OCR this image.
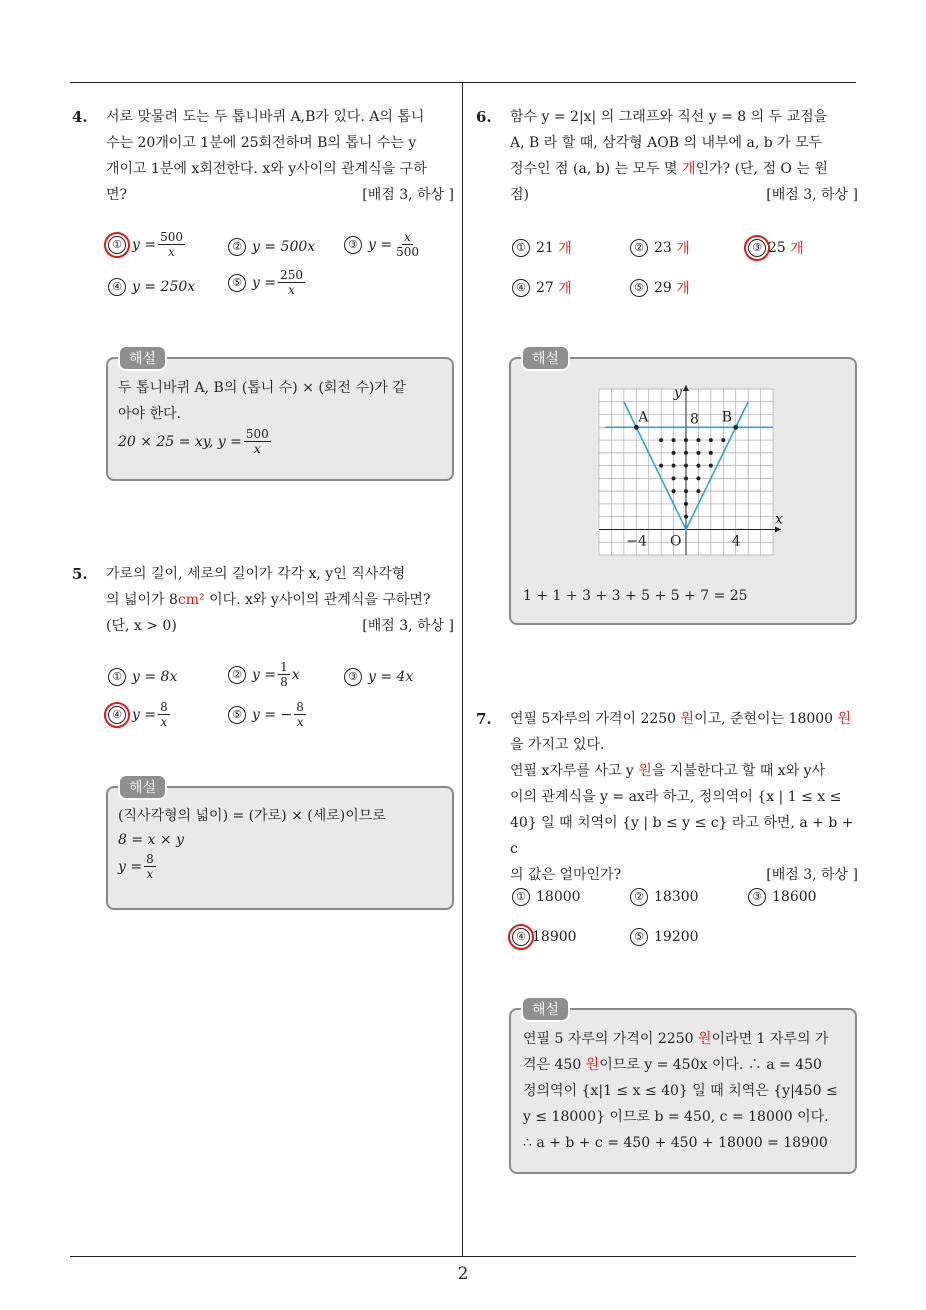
2
4. 서로 맞물려 도는 두 톱니바퀴 A,B가 있다. A의 톱니
수는 20개이고 1분에 25회전하며 B의 톱니 수는 y
개이고 1분에 x회전한다. x와 y사이의 관계식을 구하
면?	[배점 3, 하상 ]
① $y = \frac{500}{x}$	② y = 500x	③ $y = \frac{x}{500}$
④ y = 250x	⑤ $y = \frac{250}{x}$
해설
두 톱니바퀴 A, B의 (톱니 수) × (회전 수)가 같
아야 한다.
20 × 25 = xy, $y = \frac{500}{x}$
5. 가로의 길이, 세로의 길이가 각각 x, y인 직사각형
의 넓이가 8cm² 이다. x와 y사이의 관계식을 구하면?
(단, x > 0)	[배점 3, 하상 ]
① y = 8x	② $y = \frac{1}{8}$ x	③ y = 4x
④ $y = \frac{8}{x}$	⑤ y = − $\frac{8}{x}$
해설
(직사각형의 넓이) = (가로) × (세로)이므로
8 = x × y
$y = \frac{8}{x}$
6. 함수 y = 2|x| 의 그래프와 직선 y = 8 의 두 교점을
A, B 라 할 때, 삼각형 AOB 의 내부에 a, b 가 모두
정수인 점 (a, b) 는 모두 몇 개인가? (단, 점 O 는 원
점)	[배점 3, 하상 ]
① 21
개	② 23
개	③ 25
개
④ 27
개	⑤ 29
개
해설
y
x
8
A	B
O
−4	4
1 + 1 + 3 + 3 + 5 + 5 + 7 = 25
7. 연필 5자루의 가격이 2250 원이고, 준현이는 18000 원
을 가지고 있다.
연필 x자루를 사고 y 원을 지불한다고 할 때 x와 y사
이의 관계식을 y = ax라 하고, 정의역이 {x | 1 ≤ x ≤
40} 일 때 치역이 {y | b ≤ y ≤ c} 라고 하면, a + b + c
의 값은 얼마인가?	[배점 3, 하상 ]
① 18000	② 18300	③ 18600
④ 18900	⑤ 19200
해설
연필 5 자루의 가격이 2250 원이라면 1 자루의 가
격은 450 원이므로 y = 450x 이다. ∴ a = 450
정의역이 {x|1 ≤ x ≤ 40} 일 때 치역은 {y|450 ≤
y ≤ 18000} 이므로 b = 450, c = 18000 이다.
∴ a + b + c = 450 + 450 + 18000 = 18900
